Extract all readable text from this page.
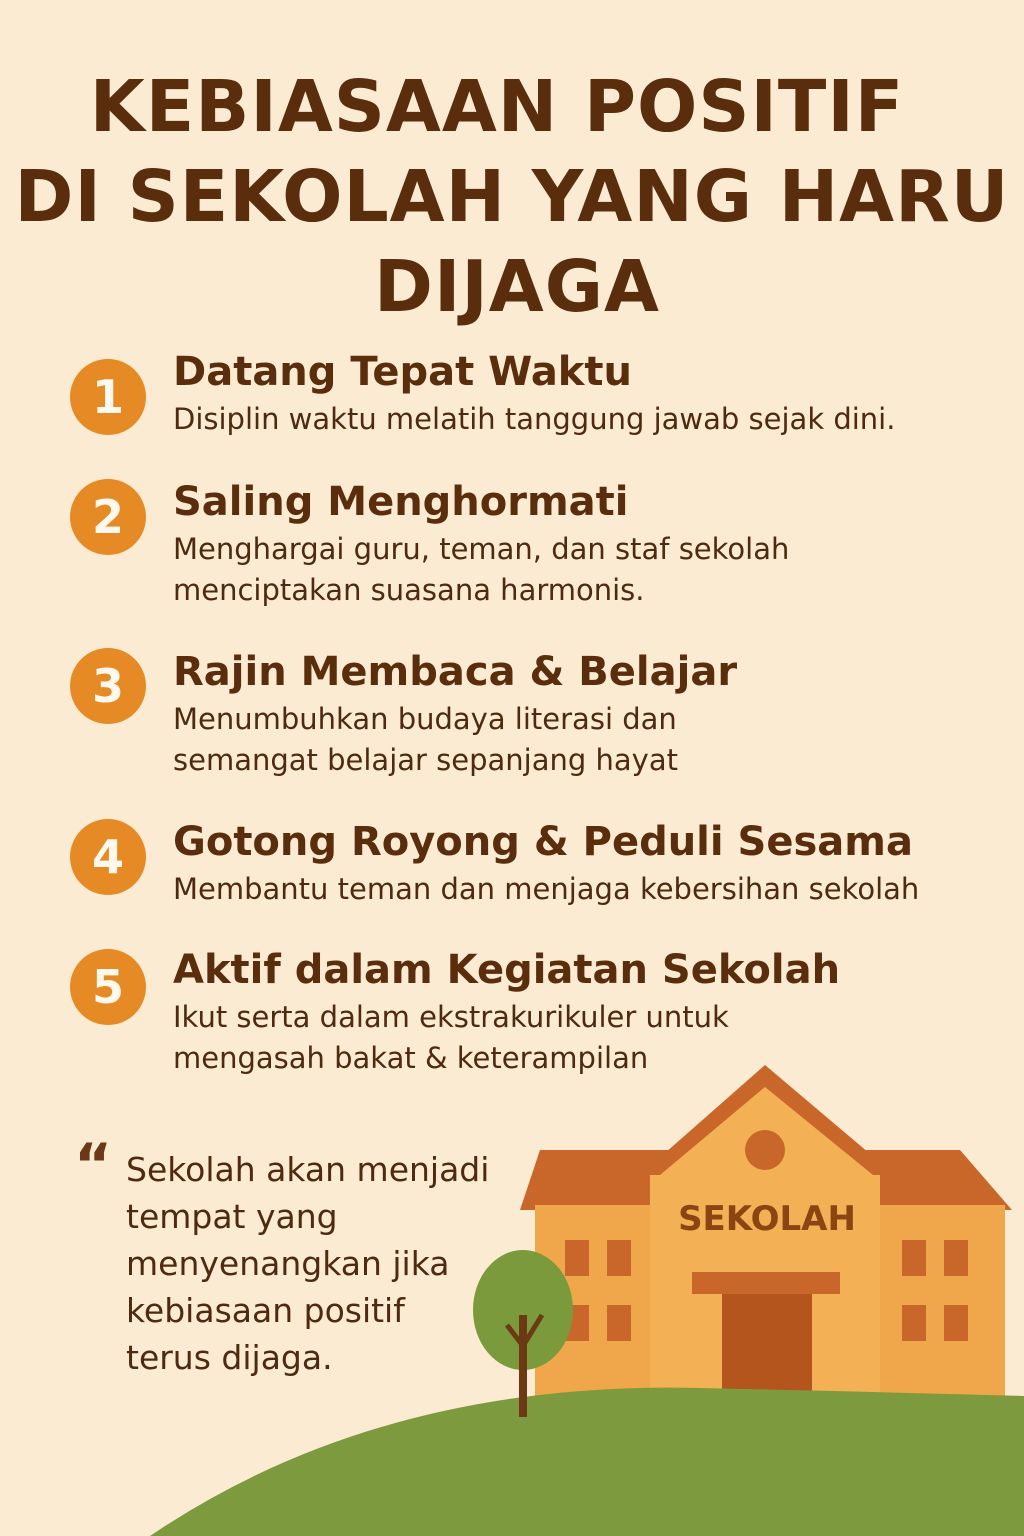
KEBIASAAN POSITIF
DI SEKOLAH YANG HARU
DIJAGA
1	Datang Tepat Waktu

Disiplin waktu melatih tanggung jawab sejak dini.

2	Saling Menghormati

Menghargai guru, teman, dan staf sekolah
menciptakan suasana harmonis.

3	Rajin Membaca & Belajar

Menumbuhkan budaya literasi dan
semangat belajar sepanjang hayat

4	Gotong Royong & Peduli Sesama

Membantu teman dan menjaga kebersihan sekolah

5	Aktif dalam Kegiatan Sekolah

Ikut serta dalam ekstrakurikuler untuk
mengasah bakat & keterampilan

“ Sekolah akan menjadi
tempat yang
menyenangkan jika
kebiasaan positif
terus dijaga.

SEKOLAH
